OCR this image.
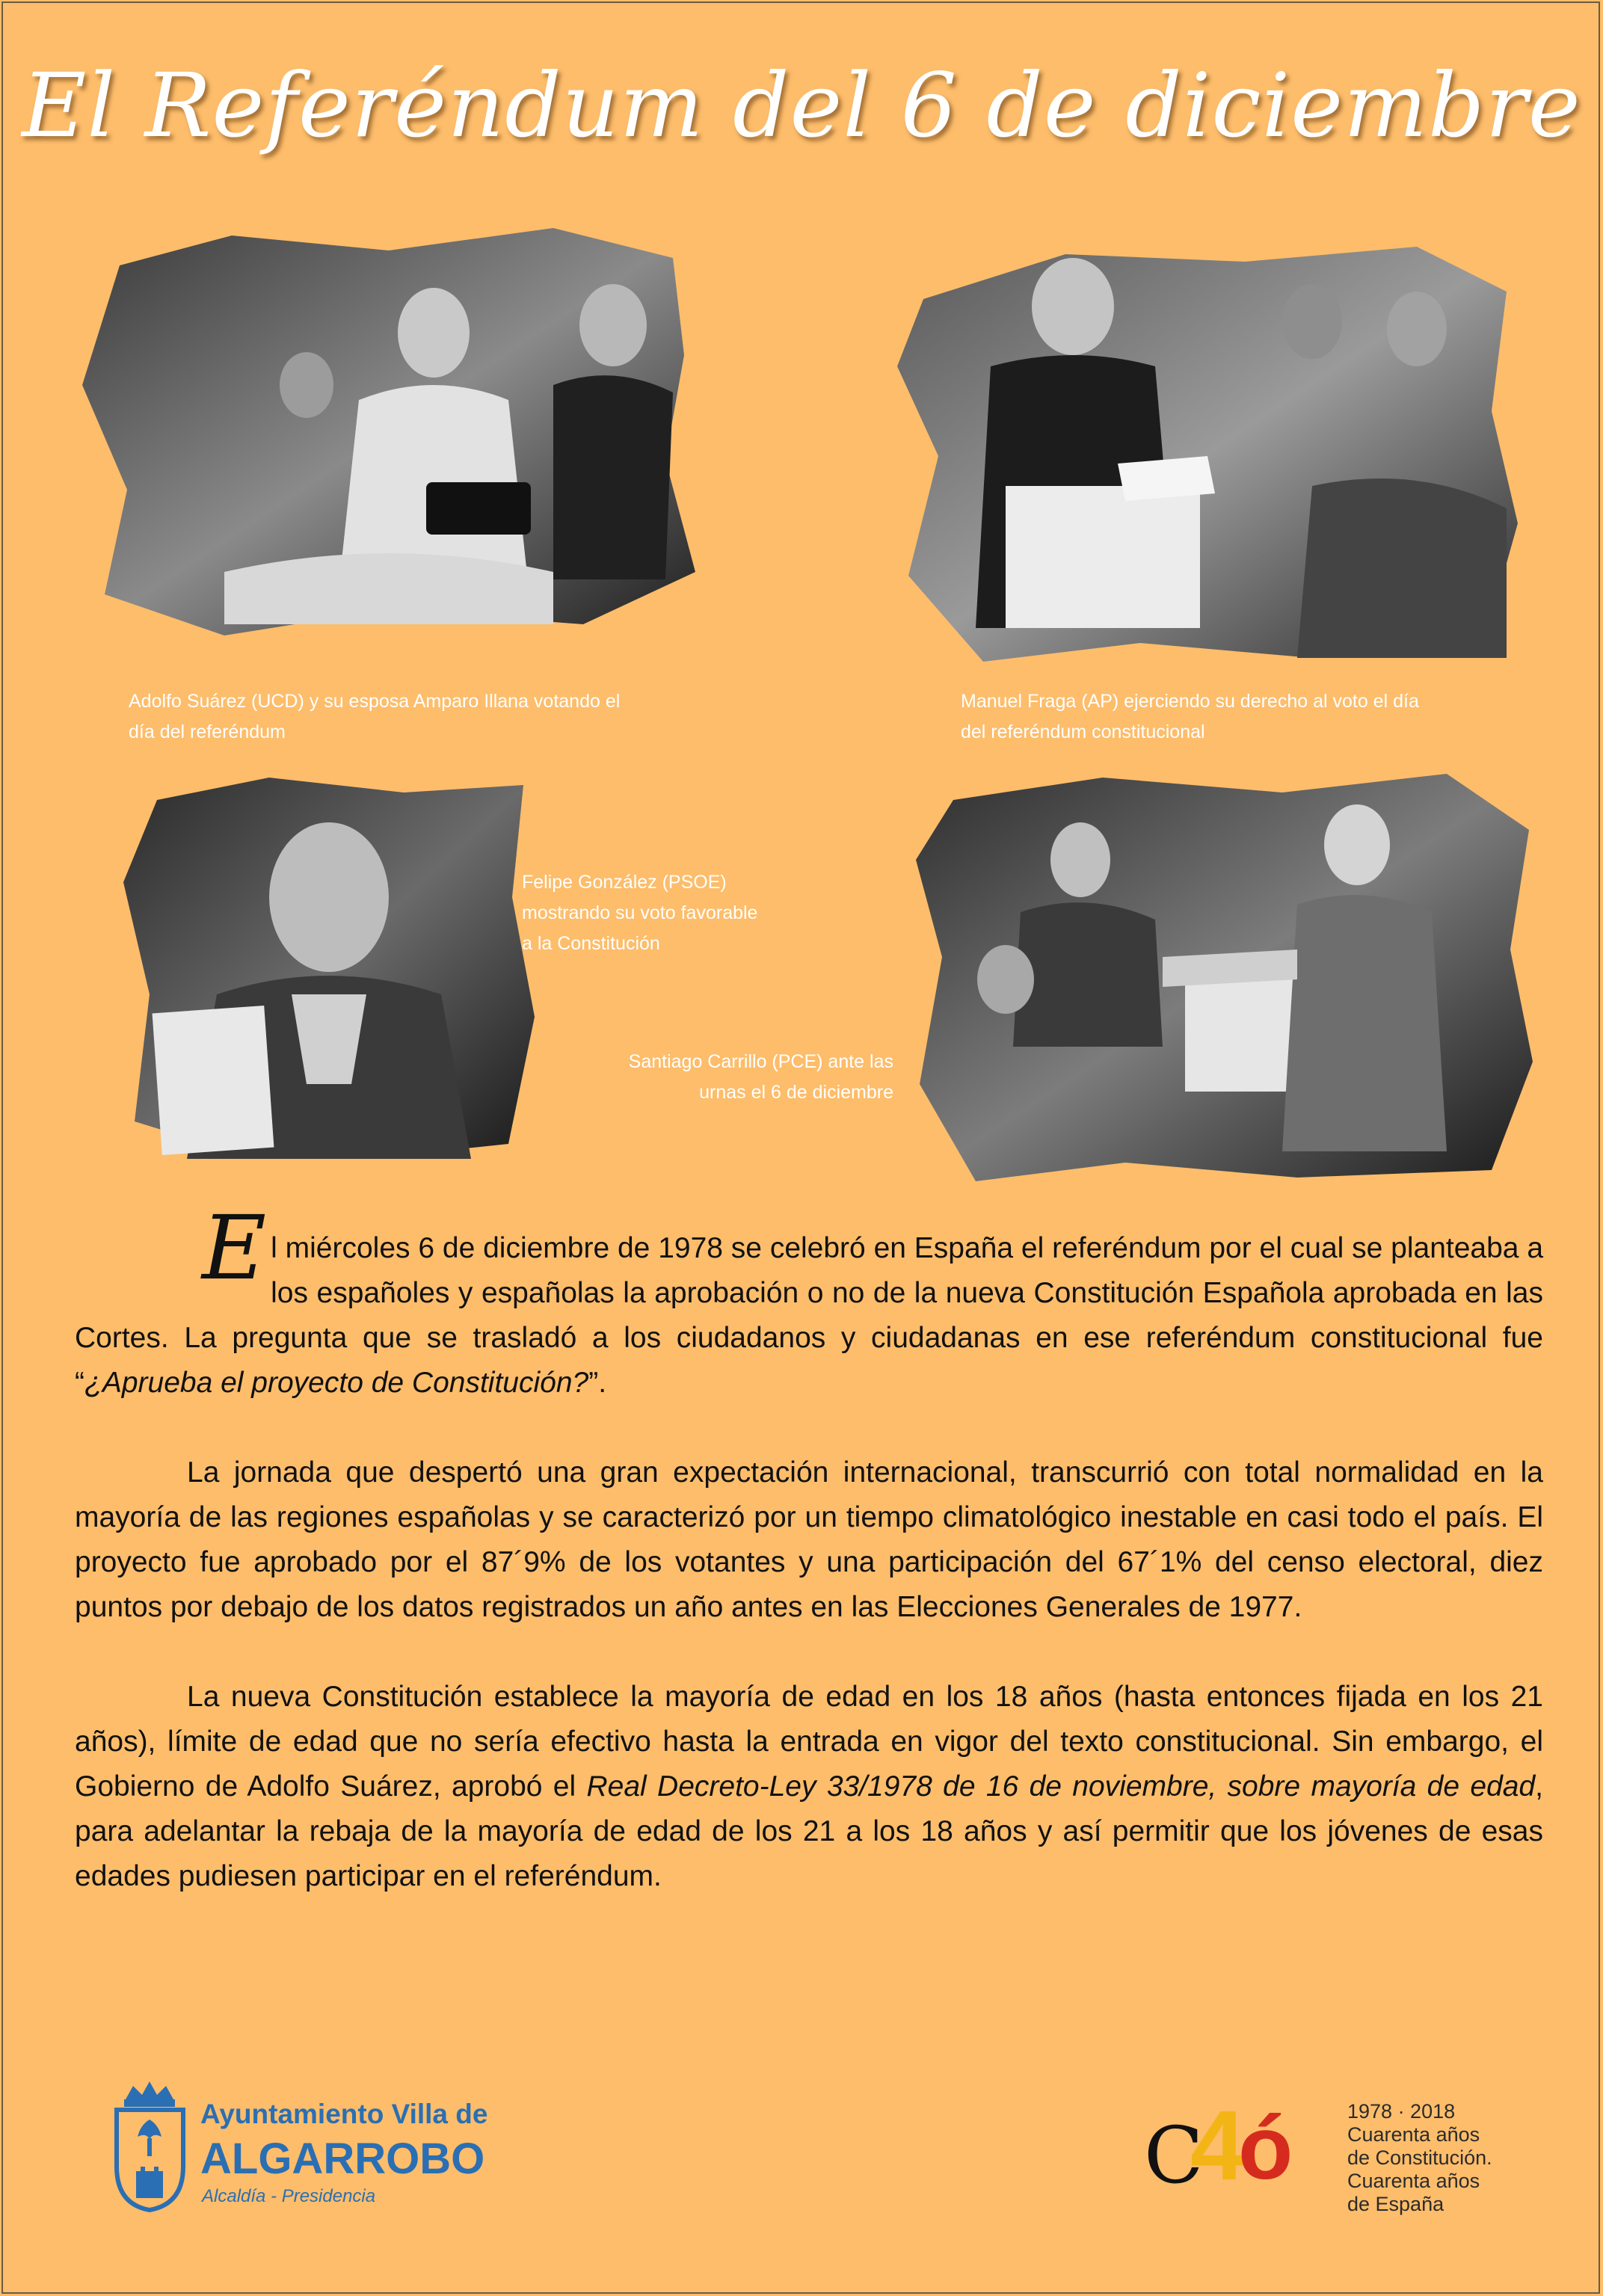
El Referéndum del 6 de diciembre
Adolfo Suárez (UCD) y su esposa Amparo Illana votando el
día del referéndum
Manuel Fraga (AP) ejerciendo su derecho al voto el día
del referéndum constitucional
Felipe González (PSOE)
mostrando su voto favorable
a la Constitución
Santiago Carrillo (PCE) ante las
urnas el 6 de diciembre

El miércoles 6 de diciembre de 1978 se celebró en España el referéndum por el cual se planteaba a los españoles y españolas la aprobación o no de la nueva Constitución Española aprobada en las Cortes. La pregunta que se trasladó a los ciudadanos y ciudadanas en ese referéndum constitucional fue “¿Aprueba el proyecto de Constitución?”.

La jornada que despertó una gran expectación internacional, transcurrió con total normalidad en la mayoría de las regiones españolas y se caracterizó por un tiempo climatológico inestable en casi todo el país. El proyecto fue aprobado por el 87´9% de los votantes y una participación del 67´1% del censo electoral, diez puntos por debajo de los datos registrados un año antes en las Elecciones Generales de 1977.

La nueva Constitución establece la mayoría de edad en los 18 años (hasta entonces fijada en los 21 años), límite de edad que no sería efectivo hasta la entrada en vigor del texto constitucional. Sin embargo, el Gobierno de Adolfo Suárez, aprobó el Real Decreto-Ley 33/1978 de 16 de noviembre, sobre mayoría de edad, para adelantar la rebaja de la mayoría de edad de los 21 a los 18 años y así permitir que los jóvenes de esas edades pudiesen participar en el referéndum.

Ayuntamiento Villa de
ALGARROBO
Alcaldía - Presidencia	C
4
ó	1978 · 2018
Cuarenta años
de Constitución.
Cuarenta años
de España
